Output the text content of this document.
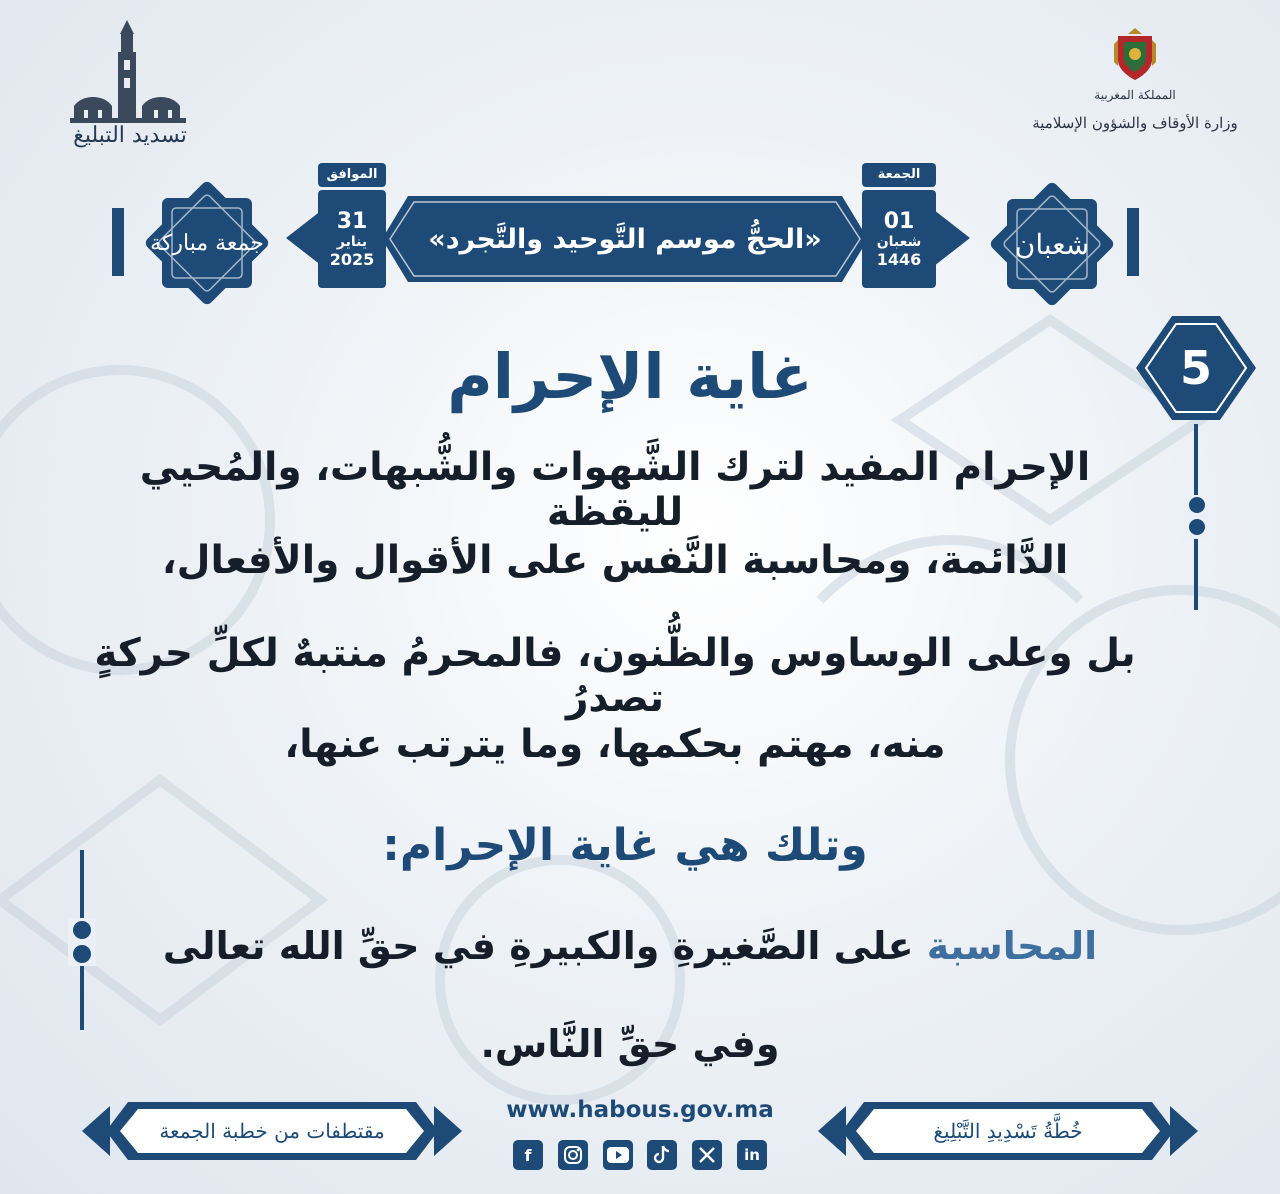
تسديد التبليغ
المملكة المغربية
وزارة الأوقاف والشؤون الإسلامية
جمعة مباركة	شعبان
الموافق
31
يناير
2025
الجمعة
01
شعبان
1446
«الحجُّ موسم التَّوحيد والتَّجرد»
5
غاية الإحرام
الإحرام المفيد لترك الشَّهوات والشُّبهات، والمُحيي لليقظة
الدَّائمة، ومحاسبة النَّفس على الأقوال والأفعال،
بل وعلى الوساوس والظُّنون، فالمحرمُ منتبهٌ لكلِّ حركةٍ تصدرُ
منه، مهتم بحكمها، وما يترتب عنها،
وتلك هي غاية الإحرام:
المحاسبة على الصَّغيرةِ والكبيرةِ في حقِّ الله تعالى
وفي حقِّ النَّاس.
مقتطفات من خطبة الجمعة	خُطَّةُ تَسْدِيدِ التَّبْلِيغ
www.habous.gov.ma
f	in
